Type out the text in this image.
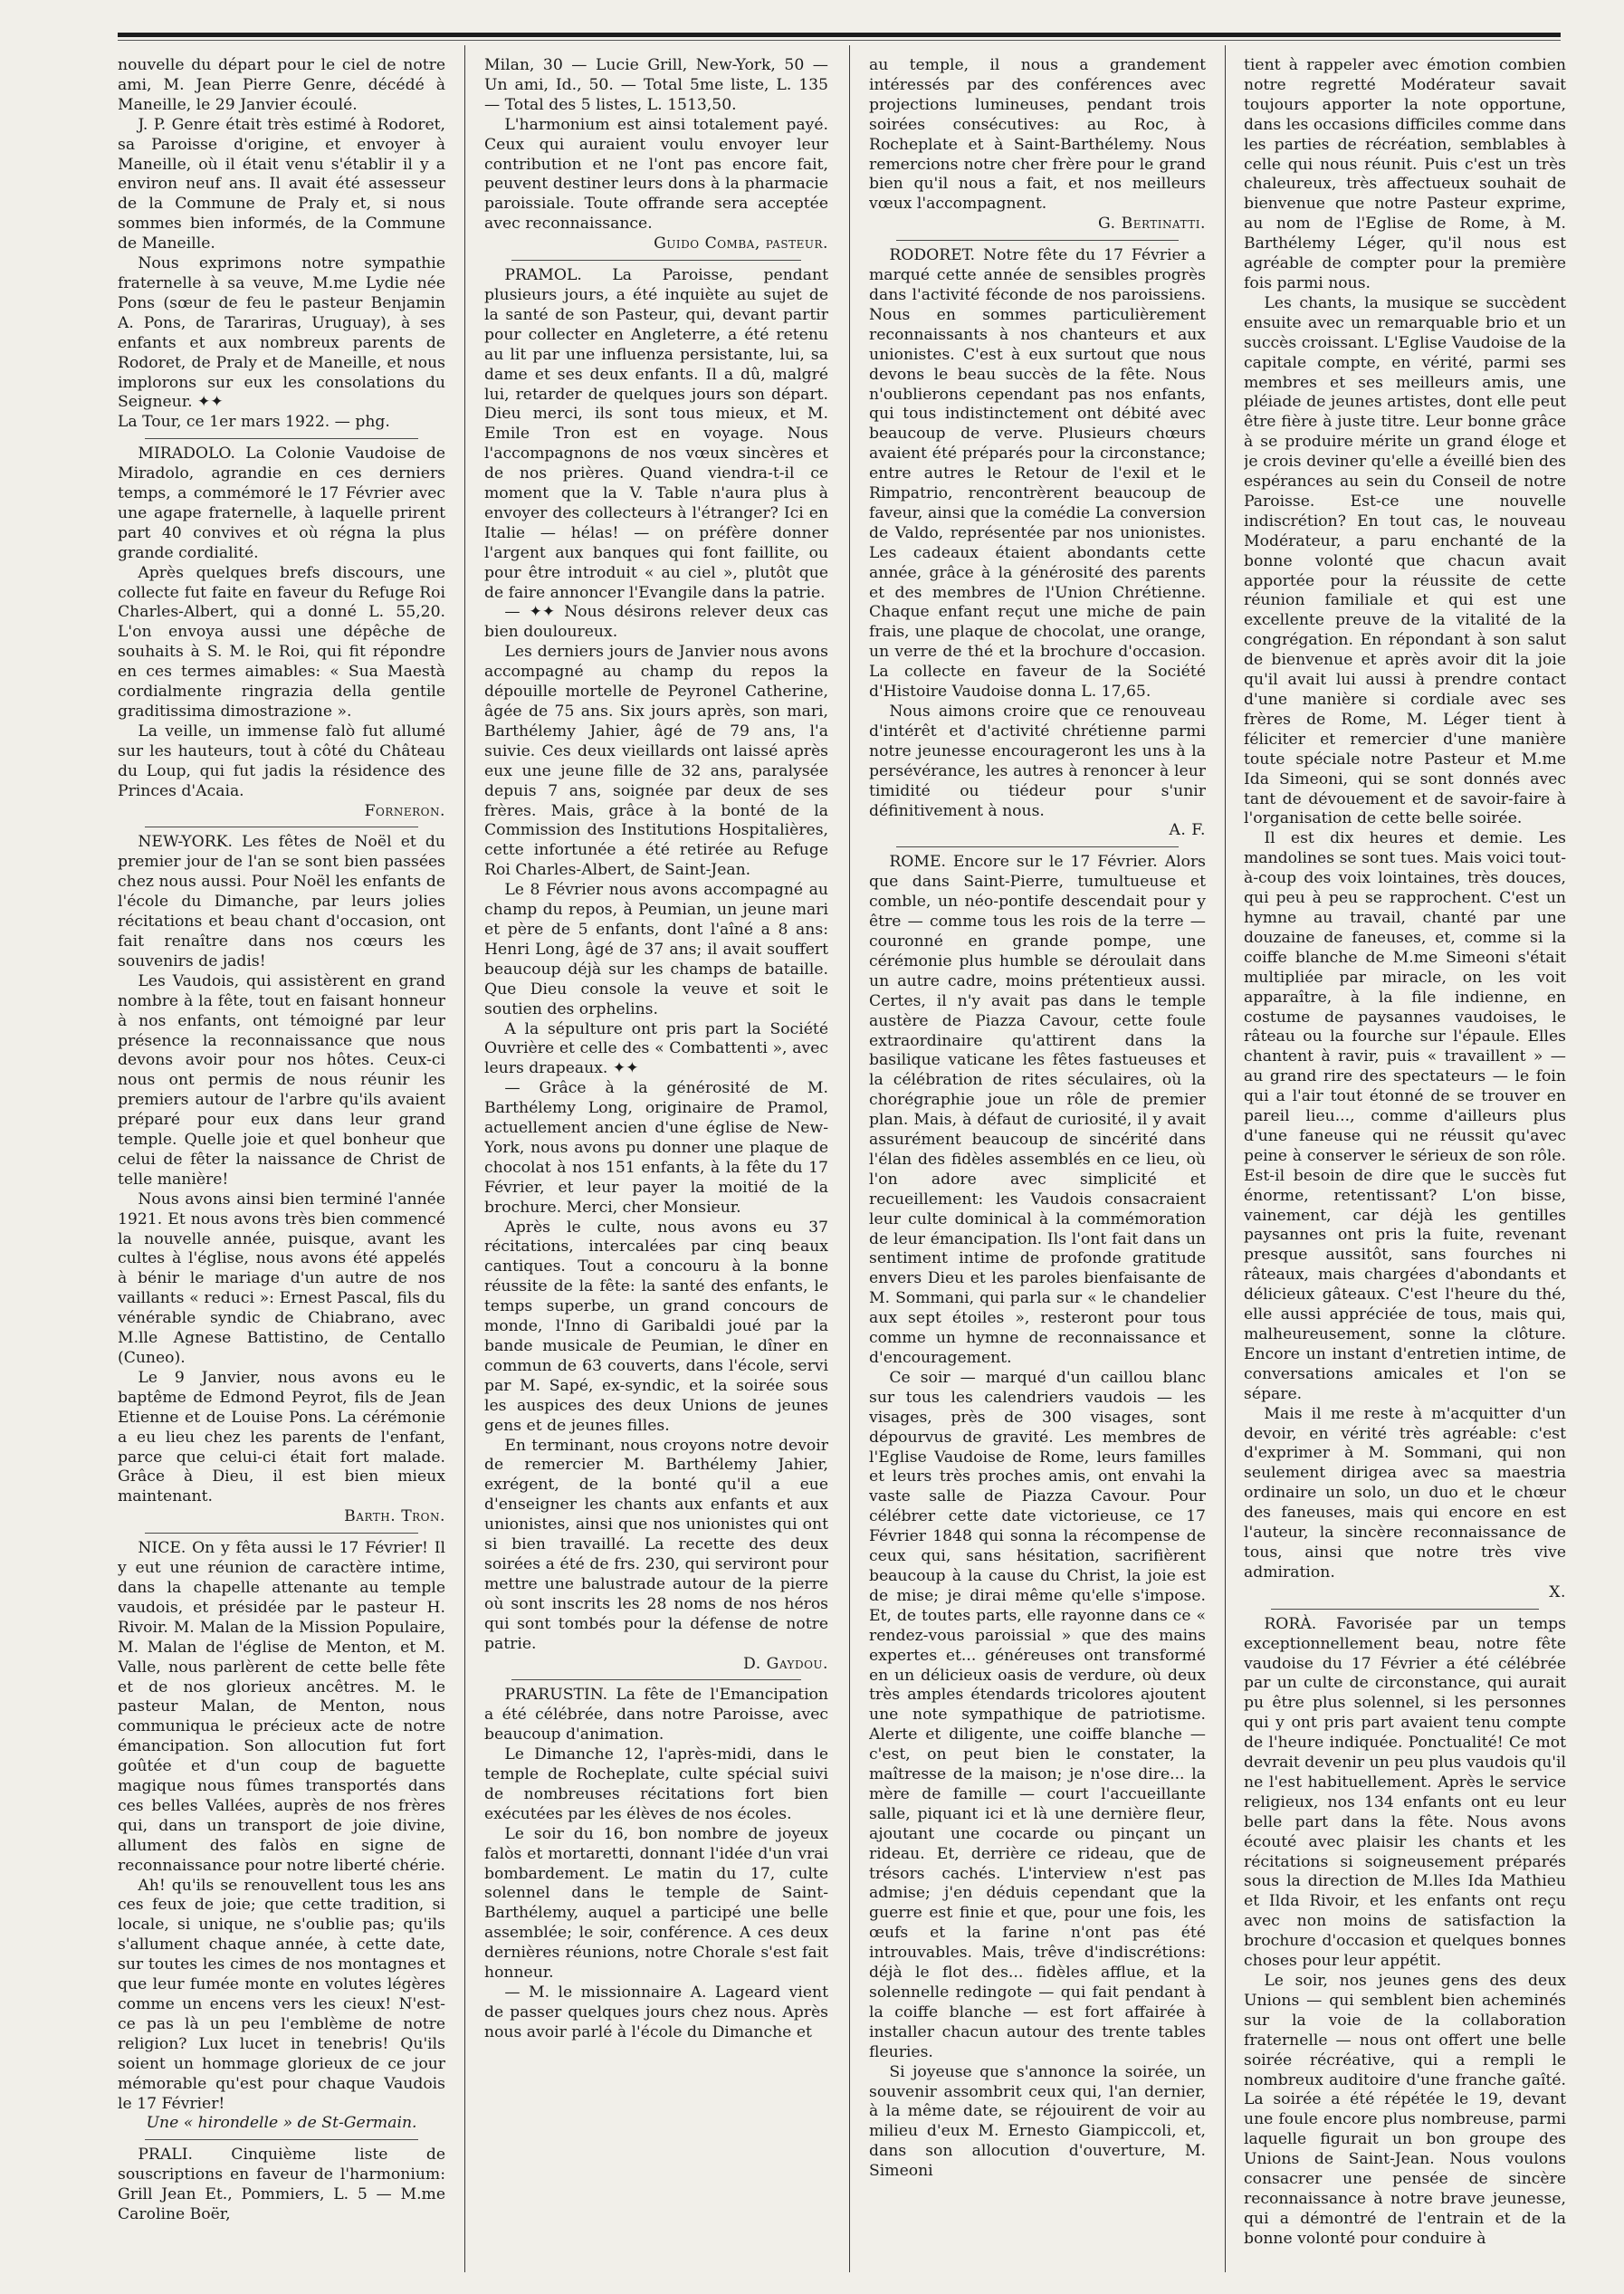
nouvelle du départ pour le ciel de notre ami, M. Jean Pierre Genre, décédé à Maneille, le 29 Janvier écoulé.

J. P. Genre était très estimé à Rodoret, sa Paroisse d'origine, et envoyer à Maneille, où il était venu s'établir il y a environ neuf ans. Il avait été assesseur de la Commune de Praly et, si nous sommes bien informés, de la Commune de Maneille.

Nous exprimons notre sympathie fraternelle à sa veuve, M.me Lydie née Pons (sœur de feu le pasteur Benjamin A. Pons, de Tarariras, Uruguay), à ses enfants et aux nombreux parents de Rodoret, de Praly et de Maneille, et nous implorons sur eux les consolations du Seigneur. ✦✦

La Tour, ce 1er mars 1922. — phg.

MIRADOLO. La Colonie Vaudoise de Miradolo, agrandie en ces derniers temps, a commémoré le 17 Février avec une agape fraternelle, à laquelle prirent part 40 convives et où régna la plus grande cordialité.

Après quelques brefs discours, une collecte fut faite en faveur du Refuge Roi Charles-Albert, qui a donné L. 55,20. L'on envoya aussi une dépêche de souhaits à S. M. le Roi, qui fit répondre en ces termes aimables: « Sua Maestà cordialmente ringrazia della gentile graditissima dimostrazione ».

La veille, un immense falò fut allumé sur les hauteurs, tout à côté du Château du Loup, qui fut jadis la résidence des Princes d'Acaia.

Forneron.

NEW-YORK. Les fêtes de Noël et du premier jour de l'an se sont bien passées chez nous aussi. Pour Noël les enfants de l'école du Dimanche, par leurs jolies récitations et beau chant d'occasion, ont fait renaître dans nos cœurs les souvenirs de jadis!

Les Vaudois, qui assistèrent en grand nombre à la fête, tout en faisant honneur à nos enfants, ont témoigné par leur présence la reconnaissance que nous devons avoir pour nos hôtes. Ceux-ci nous ont permis de nous réunir les premiers autour de l'arbre qu'ils avaient préparé pour eux dans leur grand temple. Quelle joie et quel bonheur que celui de fêter la naissance de Christ de telle manière!

Nous avons ainsi bien terminé l'année 1921. Et nous avons très bien commencé la nouvelle année, puisque, avant les cultes à l'église, nous avons été appelés à bénir le mariage d'un autre de nos vaillants « reduci »: Ernest Pascal, fils du vénérable syndic de Chiabrano, avec M.lle Agnese Battistino, de Centallo (Cuneo).

Le 9 Janvier, nous avons eu le baptême de Edmond Peyrot, fils de Jean Etienne et de Louise Pons. La cérémonie a eu lieu chez les parents de l'enfant, parce que celui-ci était fort malade. Grâce à Dieu, il est bien mieux maintenant.

Barth. Tron.

NICE. On y fêta aussi le 17 Février! Il y eut une réunion de caractère intime, dans la chapelle attenante au temple vaudois, et présidée par le pasteur H. Rivoir. M. Malan de la Mission Populaire, M. Malan de l'église de Menton, et M. Valle, nous parlèrent de cette belle fête et de nos glorieux ancêtres. M. le pasteur Malan, de Menton, nous communiqua le précieux acte de notre émancipation. Son allocution fut fort goûtée et d'un coup de baguette magique nous fûmes transportés dans ces belles Vallées, auprès de nos frères qui, dans un transport de joie divine, allument des falòs en signe de reconnaissance pour notre liberté chérie.

Ah! qu'ils se renouvellent tous les ans ces feux de joie; que cette tradition, si locale, si unique, ne s'oublie pas; qu'ils s'allument chaque année, à cette date, sur toutes les cimes de nos montagnes et que leur fumée monte en volutes légères comme un encens vers les cieux! N'est-ce pas là un peu l'emblème de notre religion? Lux lucet in tenebris! Qu'ils soient un hommage glorieux de ce jour mémorable qu'est pour chaque Vaudois le 17 Février!

Une « hirondelle » de St-Germain.

PRALI. Cinquième liste de souscriptions en faveur de l'harmonium: Grill Jean Et., Pommiers, L. 5 — M.me Caroline Boër,

Milan, 30 — Lucie Grill, New-York, 50 — Un ami, Id., 50. — Total 5me liste, L. 135 — Total des 5 listes, L. 1513,50.

L'harmonium est ainsi totalement payé. Ceux qui auraient voulu envoyer leur contribution et ne l'ont pas encore fait, peuvent destiner leurs dons à la pharmacie paroissiale. Toute offrande sera acceptée avec reconnaissance.

Guido Comba, pasteur.

PRAMOL. La Paroisse, pendant plusieurs jours, a été inquiète au sujet de la santé de son Pasteur, qui, devant partir pour collecter en Angleterre, a été retenu au lit par une influenza persistante, lui, sa dame et ses deux enfants. Il a dû, malgré lui, retarder de quelques jours son départ. Dieu merci, ils sont tous mieux, et M. Emile Tron est en voyage. Nous l'accompagnons de nos vœux sincères et de nos prières. Quand viendra-t-il ce moment que la V. Table n'aura plus à envoyer des collecteurs à l'étranger? Ici en Italie — hélas! — on préfère donner l'argent aux banques qui font faillite, ou pour être introduit « au ciel », plutôt que de faire annoncer l'Evangile dans la patrie.

— ✦✦ Nous désirons relever deux cas bien douloureux.

Les derniers jours de Janvier nous avons accompagné au champ du repos la dépouille mortelle de Peyronel Catherine, âgée de 75 ans. Six jours après, son mari, Barthélemy Jahier, âgé de 79 ans, l'a suivie. Ces deux vieillards ont laissé après eux une jeune fille de 32 ans, paralysée depuis 7 ans, soignée par deux de ses frères. Mais, grâce à la bonté de la Commission des Institutions Hospitalières, cette infortunée a été retirée au Refuge Roi Charles-Albert, de Saint-Jean.

Le 8 Février nous avons accompagné au champ du repos, à Peumian, un jeune mari et père de 5 enfants, dont l'aîné a 8 ans: Henri Long, âgé de 37 ans; il avait souffert beaucoup déjà sur les champs de bataille. Que Dieu console la veuve et soit le soutien des orphelins.

A la sépulture ont pris part la Société Ouvrière et celle des « Combattenti », avec leurs drapeaux. ✦✦

— Grâce à la générosité de M. Barthélemy Long, originaire de Pramol, actuellement ancien d'une église de New-York, nous avons pu donner une plaque de chocolat à nos 151 enfants, à la fête du 17 Février, et leur payer la moitié de la brochure. Merci, cher Monsieur.

Après le culte, nous avons eu 37 récitations, intercalées par cinq beaux cantiques. Tout a concouru à la bonne réussite de la fête: la santé des enfants, le temps superbe, un grand concours de monde, l'Inno di Garibaldi joué par la bande musicale de Peumian, le dîner en commun de 63 couverts, dans l'école, servi par M. Sapé, ex-syndic, et la soirée sous les auspices des deux Unions de jeunes gens et de jeunes filles.

En terminant, nous croyons notre devoir de remercier M. Barthélemy Jahier, exrégent, de la bonté qu'il a eue d'enseigner les chants aux enfants et aux unionistes, ainsi que nos unionistes qui ont si bien travaillé. La recette des deux soirées a été de frs. 230, qui serviront pour mettre une balustrade autour de la pierre où sont inscrits les 28 noms de nos héros qui sont tombés pour la défense de notre patrie.

D. Gaydou.

PRARUSTIN. La fête de l'Emancipation a été célébrée, dans notre Paroisse, avec beaucoup d'animation.

Le Dimanche 12, l'après-midi, dans le temple de Rocheplate, culte spécial suivi de nombreuses récitations fort bien exécutées par les élèves de nos écoles.

Le soir du 16, bon nombre de joyeux falòs et mortaretti, donnant l'idée d'un vrai bombardement. Le matin du 17, culte solennel dans le temple de Saint-Barthélemy, auquel a participé une belle assemblée; le soir, conférence. A ces deux dernières réunions, notre Chorale s'est fait honneur.

— M. le missionnaire A. Lageard vient de passer quelques jours chez nous. Après nous avoir parlé à l'école du Dimanche et

au temple, il nous a grandement intéressés par des conférences avec projections lumineuses, pendant trois soirées consécutives: au Roc, à Rocheplate et à Saint-Barthélemy. Nous remercions notre cher frère pour le grand bien qu'il nous a fait, et nos meilleurs vœux l'accompagnent.

G. Bertinatti.

RODORET. Notre fête du 17 Février a marqué cette année de sensibles progrès dans l'activité féconde de nos paroissiens. Nous en sommes particulièrement reconnaissants à nos chanteurs et aux unionistes. C'est à eux surtout que nous devons le beau succès de la fête. Nous n'oublierons cependant pas nos enfants, qui tous indistinctement ont débité avec beaucoup de verve. Plusieurs chœurs avaient été préparés pour la circonstance; entre autres le Retour de l'exil et le Rimpatrio, rencontrèrent beaucoup de faveur, ainsi que la comédie La conversion de Valdo, représentée par nos unionistes. Les cadeaux étaient abondants cette année, grâce à la générosité des parents et des membres de l'Union Chrétienne. Chaque enfant reçut une miche de pain frais, une plaque de chocolat, une orange, un verre de thé et la brochure d'occasion. La collecte en faveur de la Société d'Histoire Vaudoise donna L. 17,65.

Nous aimons croire que ce renouveau d'intérêt et d'activité chrétienne parmi notre jeunesse encourageront les uns à la persévérance, les autres à renoncer à leur timidité ou tiédeur pour s'unir définitivement à nous.

A. F.

ROME. Encore sur le 17 Février. Alors que dans Saint-Pierre, tumultueuse et comble, un néo-pontife descendait pour y être — comme tous les rois de la terre — couronné en grande pompe, une cérémonie plus humble se déroulait dans un autre cadre, moins prétentieux aussi. Certes, il n'y avait pas dans le temple austère de Piazza Cavour, cette foule extraordinaire qu'attirent dans la basilique vaticane les fêtes fastueuses et la célébration de rites séculaires, où la chorégraphie joue un rôle de premier plan. Mais, à défaut de curiosité, il y avait assurément beaucoup de sincérité dans l'élan des fidèles assemblés en ce lieu, où l'on adore avec simplicité et recueillement: les Vaudois consacraient leur culte dominical à la commémoration de leur émancipation. Ils l'ont fait dans un sentiment intime de profonde gratitude envers Dieu et les paroles bienfaisante de M. Sommani, qui parla sur « le chandelier aux sept étoiles », resteront pour tous comme un hymne de reconnaissance et d'encouragement.

Ce soir — marqué d'un caillou blanc sur tous les calendriers vaudois — les visages, près de 300 visages, sont dépourvus de gravité. Les membres de l'Eglise Vaudoise de Rome, leurs familles et leurs très proches amis, ont envahi la vaste salle de Piazza Cavour. Pour célébrer cette date victorieuse, ce 17 Février 1848 qui sonna la récompense de ceux qui, sans hésitation, sacrifièrent beaucoup à la cause du Christ, la joie est de mise; je dirai même qu'elle s'impose. Et, de toutes parts, elle rayonne dans ce « rendez-vous paroissial » que des mains expertes et... généreuses ont transformé en un délicieux oasis de verdure, où deux très amples étendards tricolores ajoutent une note sympathique de patriotisme. Alerte et diligente, une coiffe blanche — c'est, on peut bien le constater, la maîtresse de la maison; je n'ose dire... la mère de famille — court l'accueillante salle, piquant ici et là une dernière fleur, ajoutant une cocarde ou pinçant un rideau. Et, derrière ce rideau, que de trésors cachés. L'interview n'est pas admise; j'en déduis cependant que la guerre est finie et que, pour une fois, les œufs et la farine n'ont pas été introuvables. Mais, trêve d'indiscrétions: déjà le flot des... fidèles afflue, et la solennelle redingote — qui fait pendant à la coiffe blanche — est fort affairée à installer chacun autour des trente tables fleuries.

Si joyeuse que s'annonce la soirée, un souvenir assombrit ceux qui, l'an dernier, à la même date, se réjouirent de voir au milieu d'eux M. Ernesto Giampiccoli, et, dans son allocution d'ouverture, M. Simeoni

tient à rappeler avec émotion combien notre regretté Modérateur savait toujours apporter la note opportune, dans les occasions difficiles comme dans les parties de récréation, semblables à celle qui nous réunit. Puis c'est un très chaleureux, très affectueux souhait de bienvenue que notre Pasteur exprime, au nom de l'Eglise de Rome, à M. Barthélemy Léger, qu'il nous est agréable de compter pour la première fois parmi nous.

Les chants, la musique se succèdent ensuite avec un remarquable brio et un succès croissant. L'Eglise Vaudoise de la capitale compte, en vérité, parmi ses membres et ses meilleurs amis, une pléiade de jeunes artistes, dont elle peut être fière à juste titre. Leur bonne grâce à se produire mérite un grand éloge et je crois deviner qu'elle a éveillé bien des espérances au sein du Conseil de notre Paroisse. Est-ce une nouvelle indiscrétion? En tout cas, le nouveau Modérateur, a paru enchanté de la bonne volonté que chacun avait apportée pour la réussite de cette réunion familiale et qui est une excellente preuve de la vitalité de la congrégation. En répondant à son salut de bienvenue et après avoir dit la joie qu'il avait lui aussi à prendre contact d'une manière si cordiale avec ses frères de Rome, M. Léger tient à féliciter et remercier d'une manière toute spéciale notre Pasteur et M.me Ida Simeoni, qui se sont donnés avec tant de dévouement et de savoir-faire à l'organisation de cette belle soirée.

Il est dix heures et demie. Les mandolines se sont tues. Mais voici tout-à-coup des voix lointaines, très douces, qui peu à peu se rapprochent. C'est un hymne au travail, chanté par une douzaine de faneuses, et, comme si la coiffe blanche de M.me Simeoni s'était multipliée par miracle, on les voit apparaître, à la file indienne, en costume de paysannes vaudoises, le râteau ou la fourche sur l'épaule. Elles chantent à ravir, puis « travaillent » — au grand rire des spectateurs — le foin qui a l'air tout étonné de se trouver en pareil lieu..., comme d'ailleurs plus d'une faneuse qui ne réussit qu'avec peine à conserver le sérieux de son rôle. Est-il besoin de dire que le succès fut énorme, retentissant? L'on bisse, vainement, car déjà les gentilles paysannes ont pris la fuite, revenant presque aussitôt, sans fourches ni râteaux, mais chargées d'abondants et délicieux gâteaux. C'est l'heure du thé, elle aussi appréciée de tous, mais qui, malheureusement, sonne la clôture. Encore un instant d'entretien intime, de conversations amicales et l'on se sépare.

Mais il me reste à m'acquitter d'un devoir, en vérité très agréable: c'est d'exprimer à M. Sommani, qui non seulement dirigea avec sa maestria ordinaire un solo, un duo et le chœur des faneuses, mais qui encore en est l'auteur, la sincère reconnaissance de tous, ainsi que notre très vive admiration.

X.

RORÀ. Favorisée par un temps exceptionnellement beau, notre fête vaudoise du 17 Février a été célébrée par un culte de circonstance, qui aurait pu être plus solennel, si les personnes qui y ont pris part avaient tenu compte de l'heure indiquée. Ponctualité! Ce mot devrait devenir un peu plus vaudois qu'il ne l'est habituellement. Après le service religieux, nos 134 enfants ont eu leur belle part dans la fête. Nous avons écouté avec plaisir les chants et les récitations si soigneusement préparés sous la direction de M.lles Ida Mathieu et Ilda Rivoir, et les enfants ont reçu avec non moins de satisfaction la brochure d'occasion et quelques bonnes choses pour leur appétit.

Le soir, nos jeunes gens des deux Unions — qui semblent bien acheminés sur la voie de la collaboration fraternelle — nous ont offert une belle soirée récréative, qui a rempli le nombreux auditoire d'une franche gaîté. La soirée a été répétée le 19, devant une foule encore plus nombreuse, parmi laquelle figurait un bon groupe des Unions de Saint-Jean. Nous voulons consacrer une pensée de sincère reconnaissance à notre brave jeunesse, qui a démontré de l'entrain et de la bonne volonté pour conduire à
